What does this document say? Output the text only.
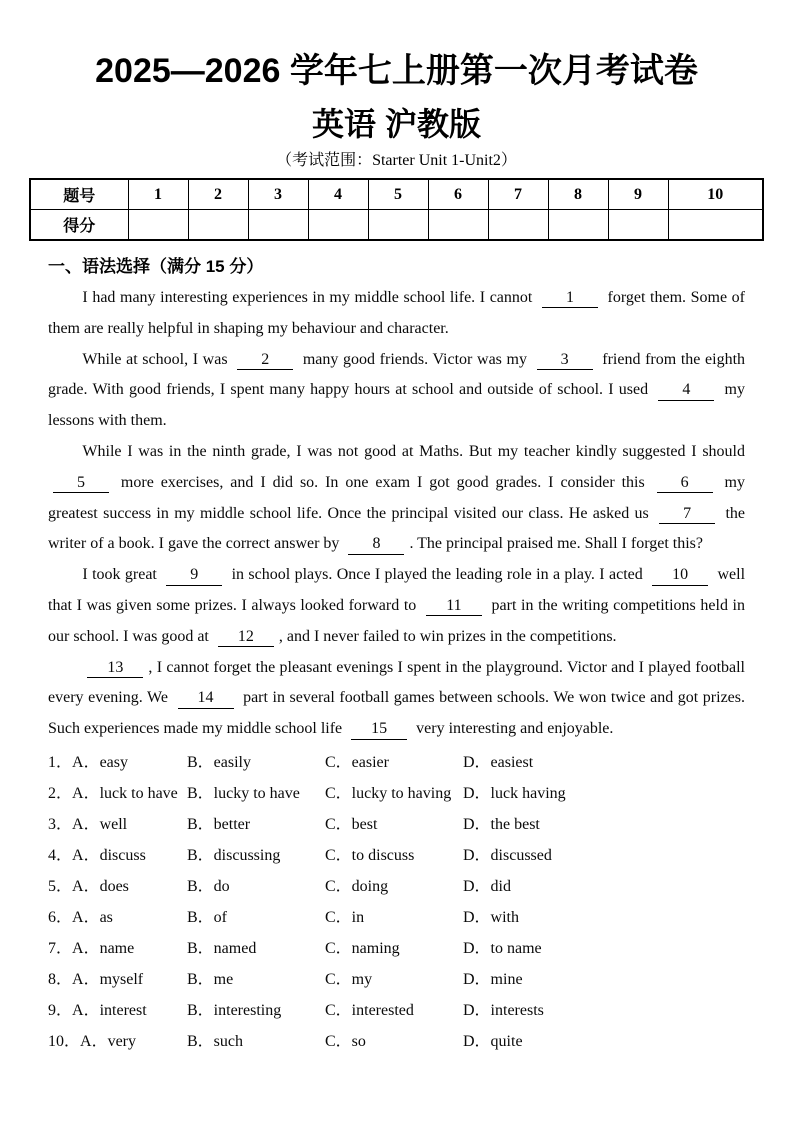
2025—2026 学年七上册第一次月考试卷
英语 沪教版
（考试范围：Starter Unit 1-Unit2）
题号	1	2	3	4	5	6	7	8	9	10
得分										
一、语法选择（满分 15 分）

I had many interesting experiences in my middle school life. I cannot 1 forget them. Some of them are really helpful in shaping my behaviour and character.

While at school, I was 2 many good friends. Victor was my 3 friend from the eighth grade. With good friends, I spent many happy hours at school and outside of school. I used 4 my lessons with them.

While I was in the ninth grade, I was not good at Maths. But my teacher kindly suggested I should 5 more exercises, and I did so. In one exam I got good grades. I consider this 6 my greatest success in my middle school life. Once the principal visited our class. He asked us 7 the writer of a book. I gave the correct answer by 8 . The principal praised me. Shall I forget this?

I took great 9 in school plays. Once I played the leading role in a play. I acted 10 well that I was given some prizes. I always looked forward to 11 part in the writing competitions held in our school. I was good at 12 , and I never failed to win prizes in the competitions.

13 , I cannot forget the pleasant evenings I spent in the playground. Victor and I played football every evening. We 14 part in several football games between schools. We won twice and got prizes. Such experiences made my middle school life 15 very interesting and enjoyable.

1．A．easy	B．easily	C．easier	D．easiest
2．A．luck to have B．lucky to have	C．lucky to having D．luck having
3．A．well	B．better	C．best	D．the best
4．A．discuss	B．discussing	C．to discuss	D．discussed
5．A．does	B．do	C．doing	D．did
6．A．as	B．of	C．in	D．with
7．A．name	B．named	C．naming	D．to name
8．A．myself	B．me	C．my	D．mine
9．A．interest	B．interesting	C．interested	D．interests
10．A．very	B．such	C．so	D．quite
